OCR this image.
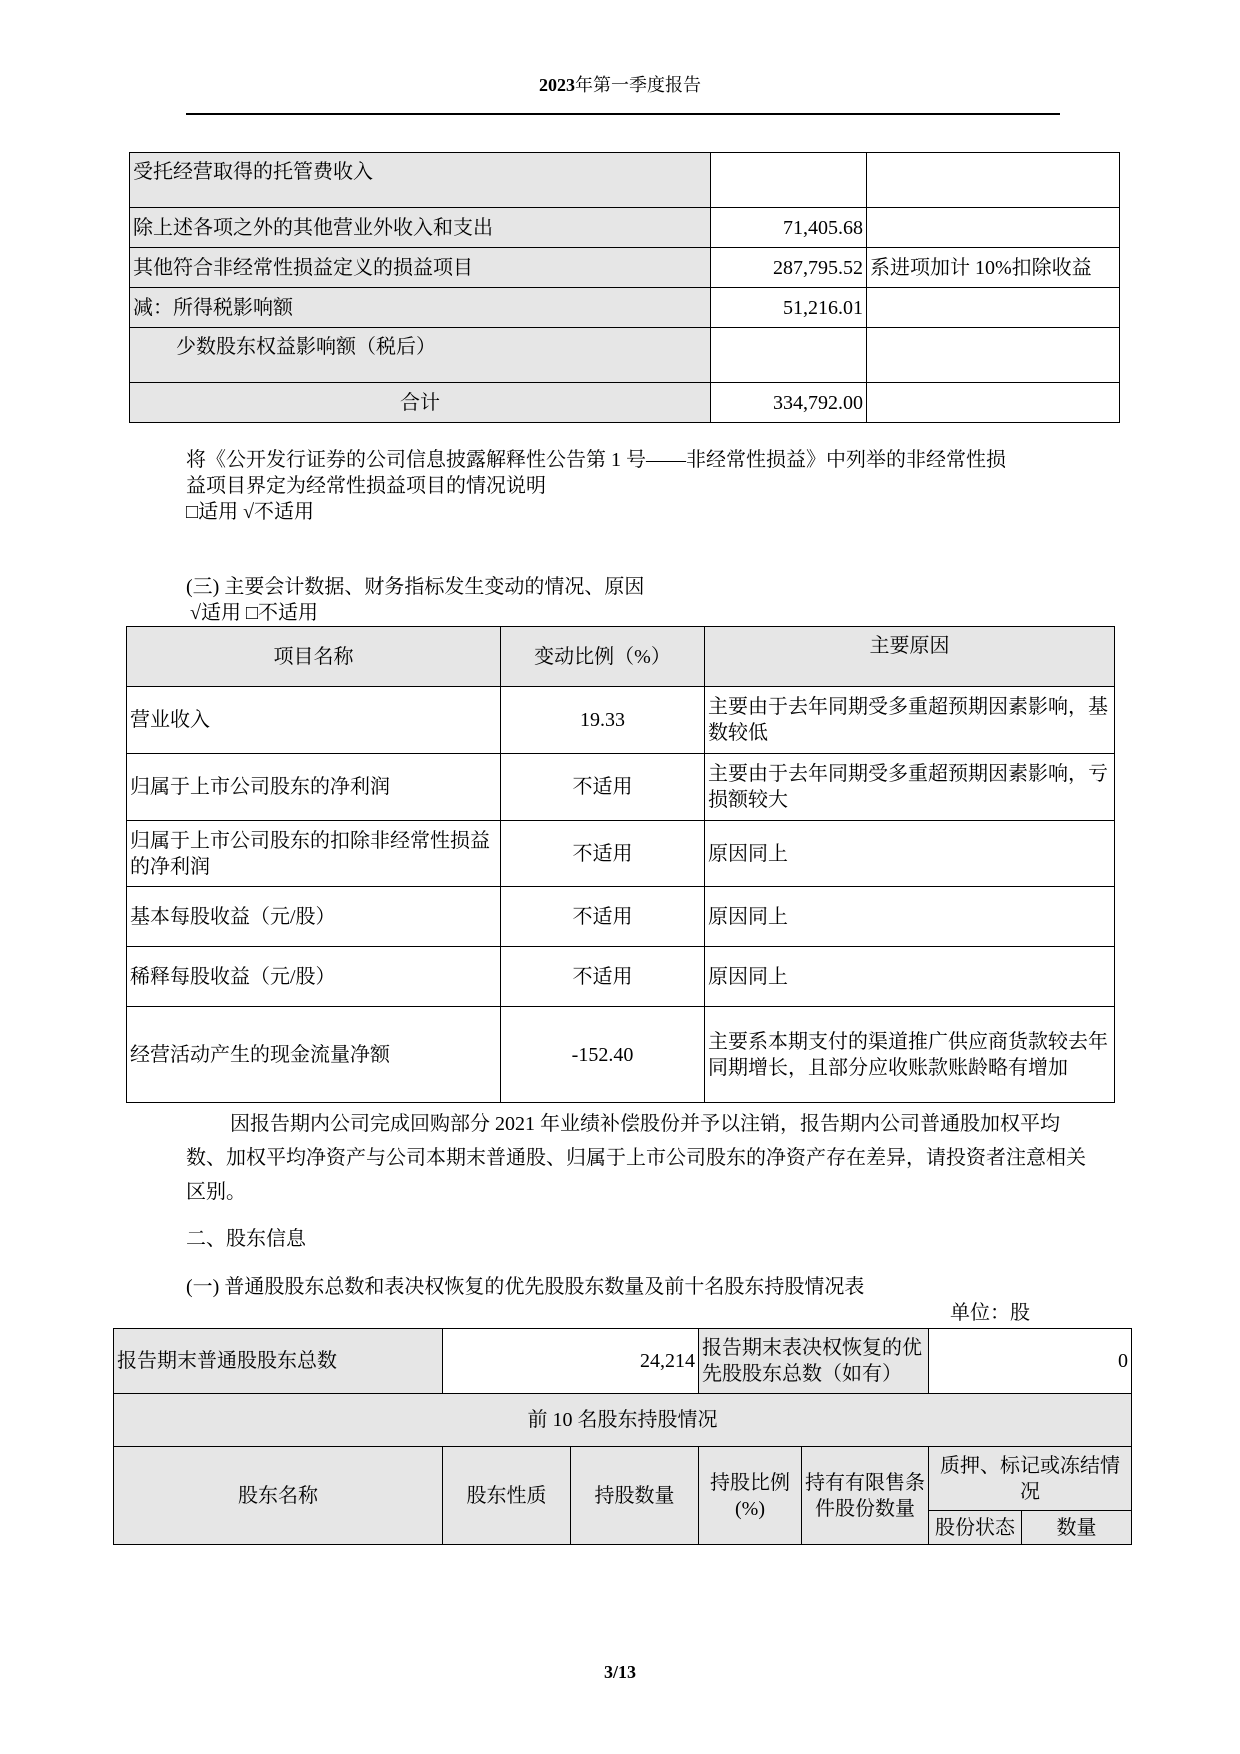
2023年第一季度报告
受托经营取得的托管费收入		
除上述各项之外的其他营业外收入和支出	71,405.68	
其他符合非经常性损益定义的损益项目	287,795.52	系进项加计 10%扣除收益
减：所得税影响额	51,216.01	
少数股东权益影响额（税后）		
合计	334,792.00	
将《公开发行证券的公司信息披露解释性公告第 1 号——非经常性损益》中列举的非经常性损
益项目界定为经常性损益项目的情况说明
□适用 √不适用
(三) 主要会计数据、财务指标发生变动的情况、原因
√适用 □不适用
项目名称	变动比例（%）	主要原因
营业收入	19.33	主要由于去年同期受多重超预期因素影响，基数较低
归属于上市公司股东的净利润	不适用	主要由于去年同期受多重超预期因素影响，亏损额较大
归属于上市公司股东的扣除非经常性损益的净利润	不适用	原因同上
基本每股收益（元/股）	不适用	原因同上
稀释每股收益（元/股）	不适用	原因同上
经营活动产生的现金流量净额	-152.40	主要系本期支付的渠道推广供应商货款较去年同期增长，且部分应收账款账龄略有增加
因报告期内公司完成回购部分 2021 年业绩补偿股份并予以注销，报告期内公司普通股加权平均数、加权平均净资产与公司本期末普通股、归属于上市公司股东的净资产存在差异，请投资者注意相关区别。
二、股东信息
(一) 普通股股东总数和表决权恢复的优先股股东数量及前十名股东持股情况表
单位：股
报告期末普通股股东总数	24,214		报告期末表决权恢复的优先股股东总数（如有）		0	
前 10 名股东持股情况						
股东名称	股东性质	持股数量	持股比例(%)	持有有限售条件股份数量	质押、标记或冻结情况	
					股份状态	数量
3/13
